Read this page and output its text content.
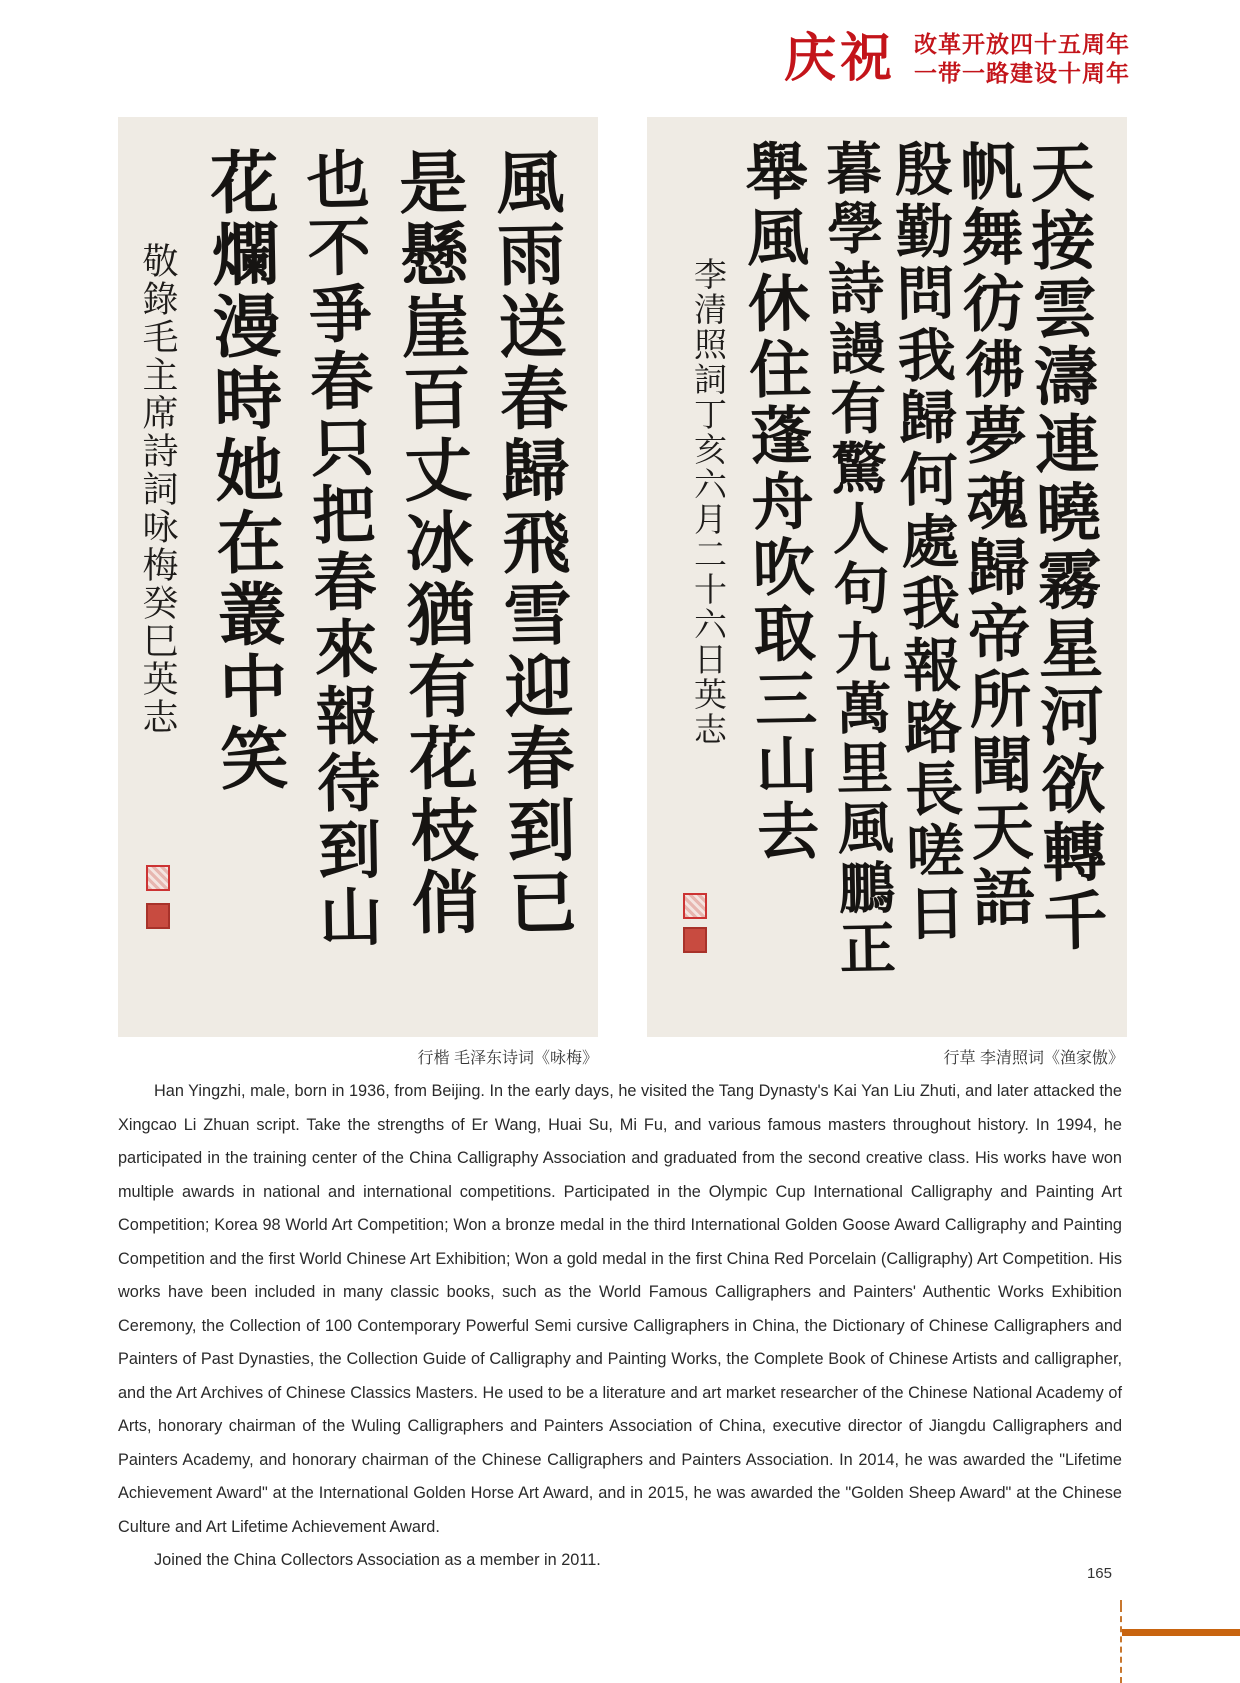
庆祝 改革开放四十五周年
一带一路建设十周年
風雨送春歸飛雪迎春到已
是懸崖百丈冰猶有花枝俏
也不爭春只把春來報待到山
花爛漫時她在叢中笑
敬錄毛主席詩詞咏梅癸巳英志	天接雲濤連曉霧星河欲轉千
帆舞彷彿夢魂歸帝所聞天語
殷勤問我歸何處我報路長嗟日
暮學詩謾有驚人句九萬里風鵬正
舉風休住蓬舟吹取三山去
李清照詞丁亥六月二十六日英志
行楷 毛泽东诗词《咏梅》	行草 李清照词《渔家傲》

Han Yingzhi, male, born in 1936, from Beijing. In the early days, he visited the Tang Dynasty's Kai Yan Liu Zhuti, and later attacked the Xingcao Li Zhuan script. Take the strengths of Er Wang, Huai Su, Mi Fu, and various famous masters throughout history. In 1994, he participated in the training center of the China Calligraphy Association and graduated from the second creative class. His works have won multiple awards in national and international competitions. Participated in the Olympic Cup International Calligraphy and Painting Art Competition; Korea 98 World Art Competition; Won a bronze medal in the third International Golden Goose Award Calligraphy and Painting Competition and the first World Chinese Art Exhibition; Won a gold medal in the first China Red Porcelain (Calligraphy) Art Competition. His works have been included in many classic books, such as the World Famous Calligraphers and Painters' Authentic Works Exhibition Ceremony, the Collection of 100 Contemporary Powerful Semi cursive Calligraphers in China, the Dictionary of Chinese Calligraphers and Painters of Past Dynasties, the Collection Guide of Calligraphy and Painting Works, the Complete Book of Chinese Artists and calligrapher, and the Art Archives of Chinese Classics Masters. He used to be a literature and art market researcher of the Chinese National Academy of Arts, honorary chairman of the Wuling Calligraphers and Painters Association of China, executive director of Jiangdu Calligraphers and Painters Academy, and honorary chairman of the Chinese Calligraphers and Painters Association. In 2014, he was awarded the "Lifetime Achievement Award" at the International Golden Horse Art Award, and in 2015, he was awarded the "Golden Sheep Award" at the Chinese Culture and Art Lifetime Achievement Award.

Joined the China Collectors Association as a member in 2011.

165
